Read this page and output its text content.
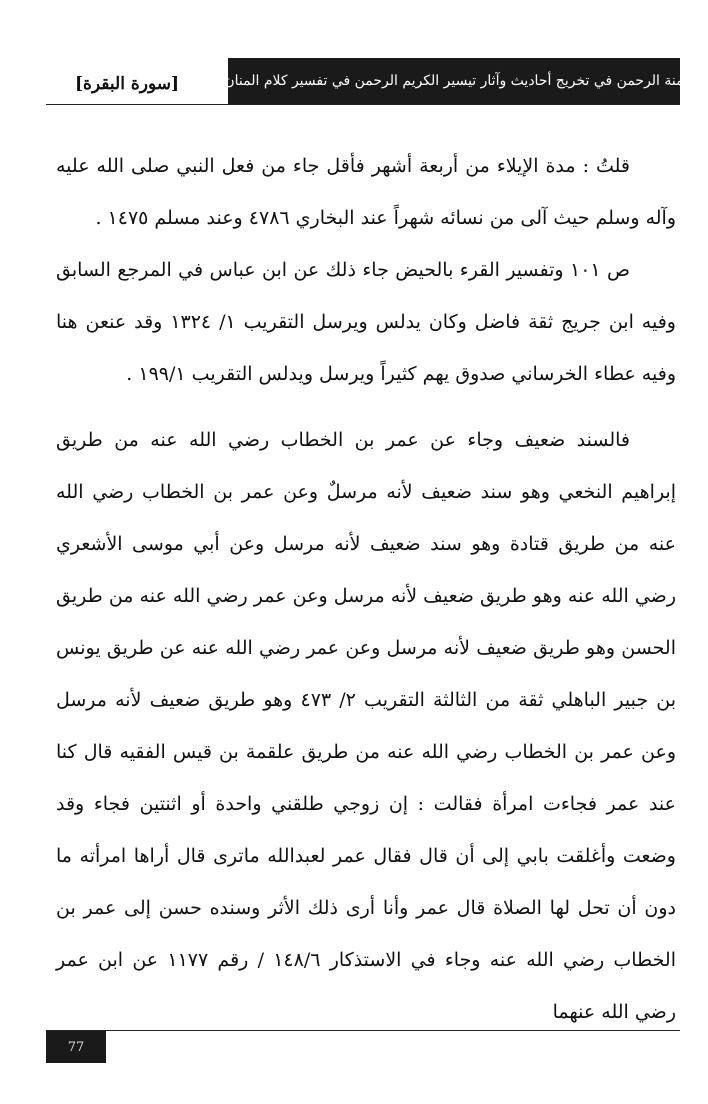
منة الرحمن في تخريج أحاديث وآثار تيسير الكريم الرحمن في تفسير كلام المنان
[سورة البقرة]

قلتُ : مدة الإيلاء من أربعة أشهر فأقل جاء من فعل النبي صلى الله عليه وآله وسلم حيث آلى من نسائه شهراً عند البخاري ٤٧٨٦ وعند مسلم ١٤٧٥ .

ص ١٠١ وتفسير القرء بالحيض جاء ذلك عن ابن عباس في المرجع السابق وفيه ابن جريج ثقة فاضل وكان يدلس ويرسل التقريب ١/ ١٣٢٤ وقد عنعن هنا وفيه عطاء الخرساني صدوق يهم كثيراً ويرسل ويدلس التقريب ١٩٩/١ .

فالسند ضعيف وجاء عن عمر بن الخطاب رضي الله عنه من طريق إبراهيم النخعي وهو سند ضعيف لأنه مرسلٌ وعن عمر بن الخطاب رضي الله عنه من طريق قتادة وهو سند ضعيف لأنه مرسل وعن أبي موسى الأشعري رضي الله عنه وهو طريق ضعيف لأنه مرسل وعن عمر رضي الله عنه من طريق الحسن وهو طريق ضعيف لأنه مرسل وعن عمر رضي الله عنه عن طريق يونس بن جبير الباهلي ثقة من الثالثة التقريب ٢/ ٤٧٣ وهو طريق ضعيف لأنه مرسل وعن عمر بن الخطاب رضي الله عنه من طريق علقمة بن قيس الفقيه قال كنا عند عمر فجاءت امرأة فقالت : إن زوجي طلقني واحدة أو اثنتين فجاء وقد وضعت وأغلقت بابي إلى أن قال فقال عمر لعبدالله ماترى قال أراها امرأته ما دون أن تحل لها الصلاة قال عمر وأنا أرى ذلك الأثر وسنده حسن إلى عمر بن الخطاب رضي الله عنه وجاء في الاستذكار ١٤٨/٦ / رقم ١١٧٧ عن ابن عمر رضي الله عنهما

77
